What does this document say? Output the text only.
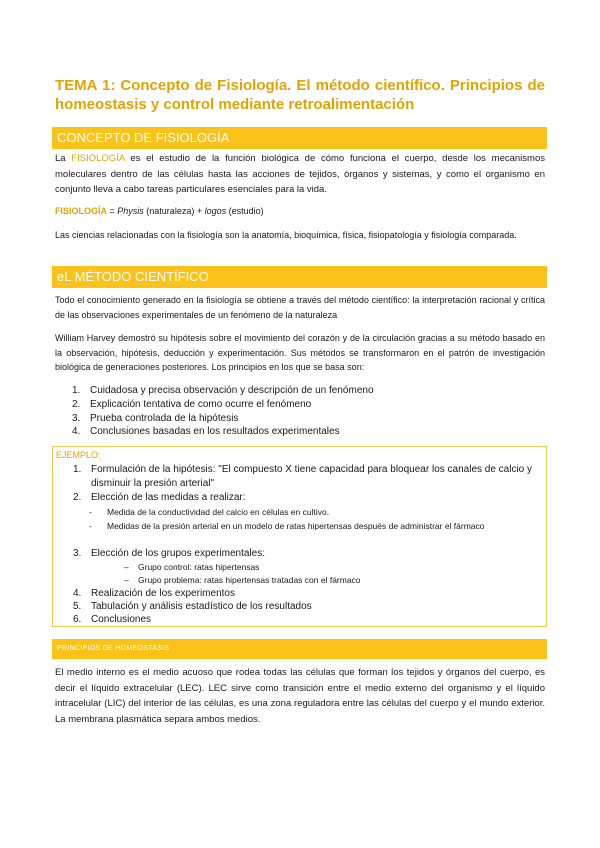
TEMA 1: Concepto de Fisiología. El método científico. Principios de homeostasis y control mediante retroalimentación
CONCEPTO DE FISIOLOGÍA

La FISIOLOGÍA es el estudio de la función biológica de cómo funciona el cuerpo, desde los mecanismos moleculares dentro de las células hasta las acciones de tejidos, órganos y sistemas, y como el organismo en conjunto lleva a cabo tareas particulares esenciales para la vida.

FISIOLOGÍA = Physis (naturaleza) + logos (estudio)

Las ciencias relacionadas con la fisiología son la anatomía, bioquímica, física, fisiopatología y fisiología comparada.

eL MÉTODO CIENTÍFICO

Todo el conocimiento generado en la fisiología se obtiene a través del método científico: la interpretación racional y crítica de las observaciones experimentales de un fenómeno de la naturaleza

William Harvey demostró su hipótesis sobre el movimiento del corazón y de la circulación gracias a su método basado en la observación, hipótesis, deducción y experimentación. Sus métodos se transformaron en el patrón de investigación biológica de generaciones posteriores. Los principios en los que se basa son:

1. Cuidadosa y precisa observación y descripción de un fenómeno
2. Explicación tentativa de como ocurre el fenómeno
3. Prueba controlada de la hipótesis
4. Conclusiones basadas en los resultados experimentales
EJEMPLO:
1. Formulación de la hipótesis: "El compuesto X tiene capacidad para bloquear los canales de calcio y disminuir la presión arterial"
2. Elección de las medidas a realizar:
- Medida de la conductividad del calcio en células en cultivo.
- Medidas de la presión arterial en un modelo de ratas hipertensas después de administrar el fármaco
3. Elección de los grupos experimentales:
– Grupo control: ratas hipertensas
– Grupo problema: ratas hipertensas tratadas con el fármaco
4. Realización de los experimentos
5. Tabulación y análisis estadístico de los resultados
6. Conclusiones
PRINCIPIOS DE HOMEOSTASIS

El medio interno es el medio acuoso que rodea todas las células que forman los tejidos y órganos del cuerpo, es decir el líquido extracelular (LEC). LEC sirve como transición entre el medio externo del organismo y el líquido intracelular (LIC) del interior de las células, es una zona reguladora entre las células del cuerpo y el mundo exterior. La membrana plasmática separa ambos medios.
